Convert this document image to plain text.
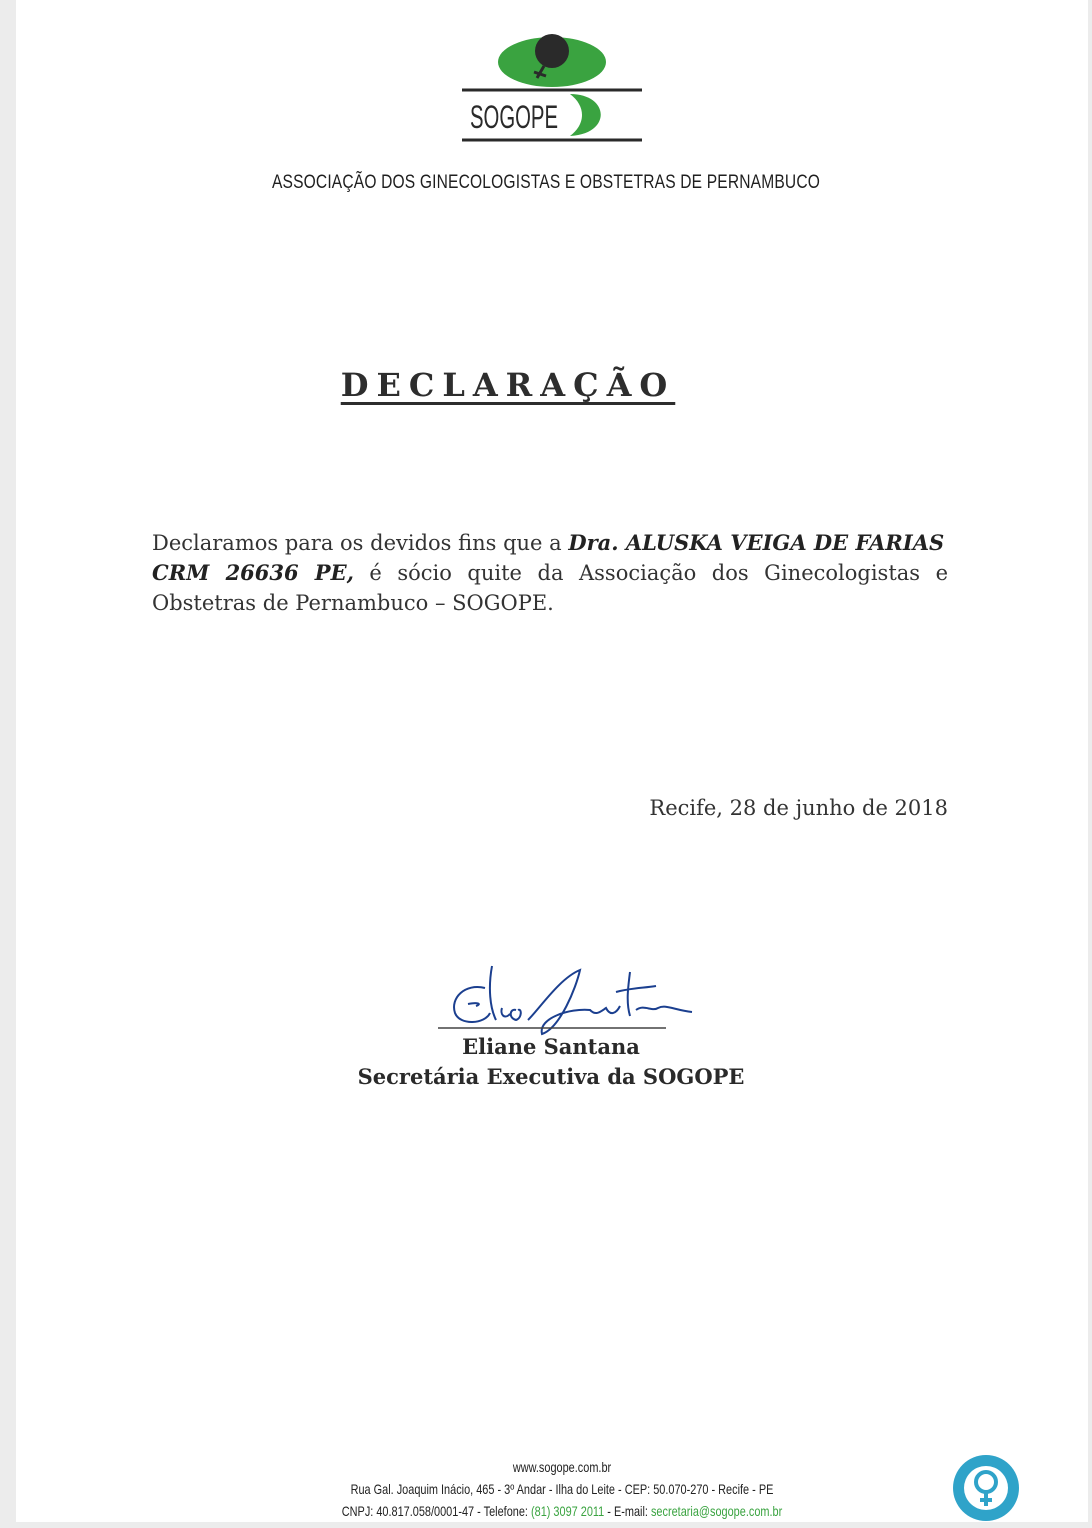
SOGOPE
ASSOCIAÇÃO DOS GINECOLOGISTAS E OBSTETRAS DE PERNAMBUCO
DECLARAÇÃO
Declaramos para os devidos fins que a Dra. ALUSKA VEIGA DE FARIAS
CRM 26636 PE, é sócio quite da Associação dos Ginecologistas e Obstetras de Pernambuco – SOGOPE.
Recife, 28 de junho de 2018
Eliane Santana
Secretária Executiva da SOGOPE
www.sogope.com.br
Rua Gal. Joaquim Inácio, 465 - 3º Andar - Ilha do Leite - CEP: 50.070-270 - Recife - PE
CNPJ: 40.817.058/0001-47 - Telefone: (81) 3097 2011 - E-mail: secretaria@sogope.com.br
